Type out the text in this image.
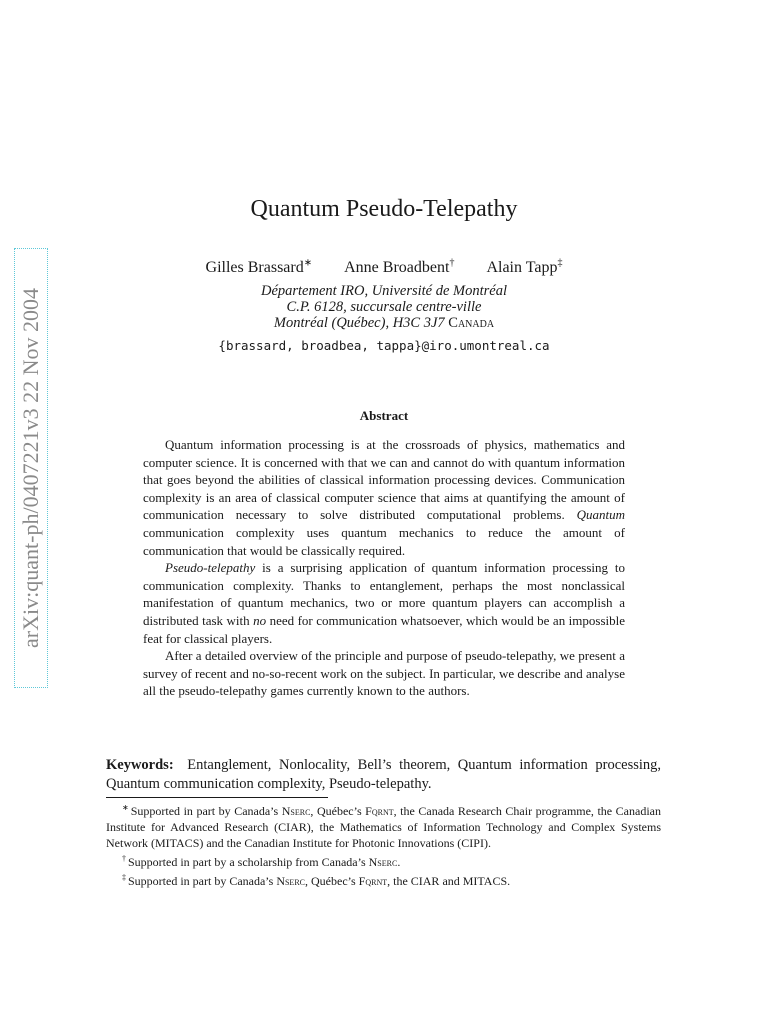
arXiv:quant-ph/0407221v3 22 Nov 2004
Quantum Pseudo-Telepathy
Gilles Brassard∗ Anne Broadbent† Alain Tapp‡
Département IRO, Université de Montréal
C.P. 6128, succursale centre-ville
Montréal (Québec), H3C 3J7 Canada
{brassard, broadbea, tappa}@iro.umontreal.ca
Abstract

Quantum information processing is at the crossroads of physics, mathematics and computer science. It is concerned with that we can and cannot do with quantum information that goes beyond the abilities of classical information processing devices. Communication complexity is an area of classical computer science that aims at quantifying the amount of communication necessary to solve distributed computational problems. Quantum communication complexity uses quantum mechanics to reduce the amount of communication that would be classically required.

Pseudo-telepathy is a surprising application of quantum information processing to communication complexity. Thanks to entanglement, perhaps the most nonclassical manifestation of quantum mechanics, two or more quantum players can accomplish a distributed task with no need for communication whatsoever, which would be an impossible feat for classical players.

After a detailed overview of the principle and purpose of pseudo-telepathy, we present a survey of recent and no-so-recent work on the subject. In particular, we describe and analyse all the pseudo-telepathy games currently known to the authors.

Keywords: Entanglement, Nonlocality, Bell’s theorem, Quantum information processing, Quantum communication complexity, Pseudo-telepathy.

∗ Supported in part by Canada’s Nserc, Québec’s Fqrnt, the Canada Research Chair programme, the Canadian Institute for Advanced Research (CIAR), the Mathematics of Information Technology and Complex Systems Network (MITACS) and the Canadian Institute for Photonic Innovations (CIPI).

† Supported in part by a scholarship from Canada’s Nserc.

‡ Supported in part by Canada’s Nserc, Québec’s Fqrnt, the CIAR and MITACS.
